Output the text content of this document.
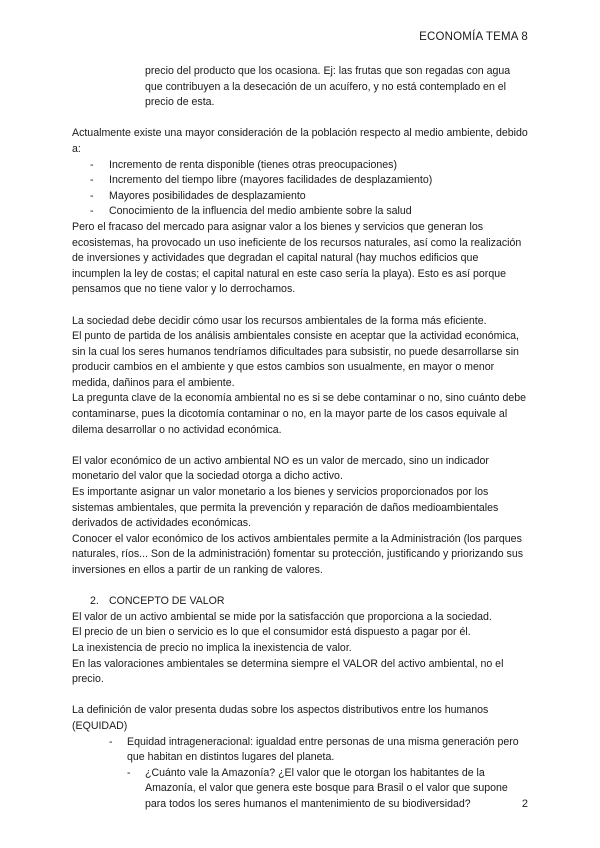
ECONOMÍA TEMA 8

precio del producto que los ocasiona. Ej: las frutas que son regadas con agua que contribuyen a la desecación de un acuífero, y no está contemplado en el precio de esta.

Actualmente existe una mayor consideración de la población respecto al medio ambiente, debido a:

- Incremento de renta disponible (tienes otras preocupaciones)
- Incremento del tiempo libre (mayores facilidades de desplazamiento)
- Mayores posibilidades de desplazamiento
- Conocimiento de la influencia del medio ambiente sobre la salud

Pero el fracaso del mercado para asignar valor a los bienes y servicios que generan los ecosistemas, ha provocado un uso ineficiente de los recursos naturales, así como la realización de inversiones y actividades que degradan el capital natural (hay muchos edificios que incumplen la ley de costas; el capital natural en este caso sería la playa). Esto es así porque pensamos que no tiene valor y lo derrochamos.

La sociedad debe decidir cómo usar los recursos ambientales de la forma más eficiente.

El punto de partida de los análisis ambientales consiste en aceptar que la actividad económica, sin la cual los seres humanos tendríamos dificultades para subsistir, no puede desarrollarse sin producir cambios en el ambiente y que estos cambios son usualmente, en mayor o menor medida, dañinos para el ambiente.

La pregunta clave de la economía ambiental no es si se debe contaminar o no, sino cuánto debe contaminarse, pues la dicotomía contaminar o no, en la mayor parte de los casos equivale al dilema desarrollar o no actividad económica.

El valor económico de un activo ambiental NO es un valor de mercado, sino un indicador monetario del valor que la sociedad otorga a dicho activo.

Es importante asignar un valor monetario a los bienes y servicios proporcionados por los sistemas ambientales, que permita la prevención y reparación de daños medioambientales derivados de actividades económicas.

Conocer el valor económico de los activos ambientales permite a la Administración (los parques naturales, ríos... Son de la administración) fomentar su protección, justificando y priorizando sus inversiones en ellos a partir de un ranking de valores.

2. CONCEPTO DE VALOR

El valor de un activo ambiental se mide por la satisfacción que proporciona a la sociedad.

El precio de un bien o servicio es lo que el consumidor está dispuesto a pagar por él.

La inexistencia de precio no implica la inexistencia de valor.

En las valoraciones ambientales se determina siempre el VALOR del activo ambiental, no el precio.

La definición de valor presenta dudas sobre los aspectos distributivos entre los humanos (EQUIDAD)

- Equidad intrageneracional: igualdad entre personas de una misma generación pero que habitan en distintos lugares del planeta.
- ¿Cuánto vale la Amazonía? ¿El valor que le otorgan los habitantes de la Amazonía, el valor que genera este bosque para Brasil o el valor que supone para todos los seres humanos el mantenimiento de su biodiversidad?	2
